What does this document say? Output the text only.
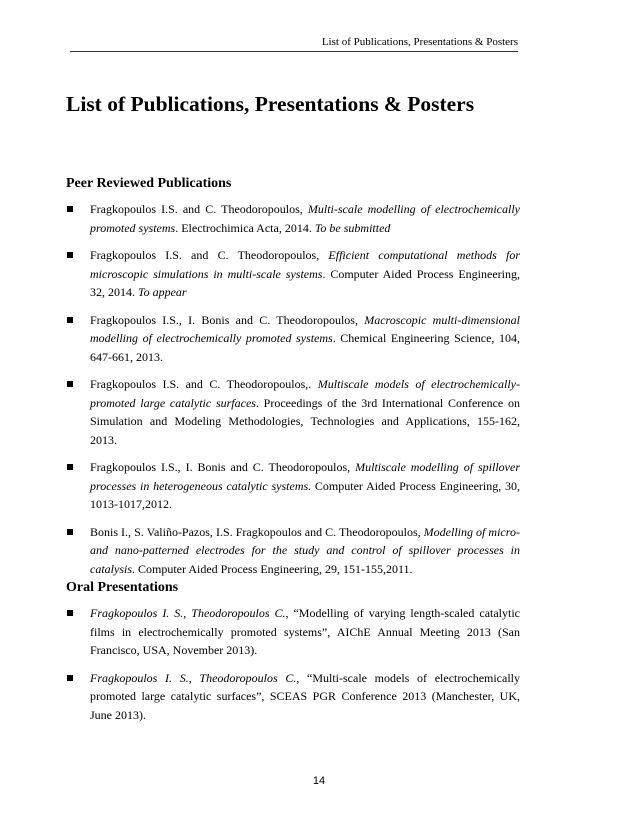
List of Publications, Presentations & Posters
List of Publications, Presentations & Posters
Peer Reviewed Publications
Fragkopoulos I.S. and C. Theodoropoulos, Multi-scale modelling of electrochemically promoted systems. Electrochimica Acta, 2014. To be submitted
Fragkopoulos I.S. and C. Theodoropoulos, Efficient computational methods for microscopic simulations in multi-scale systems. Computer Aided Process Engineering, 32, 2014. To appear
Fragkopoulos I.S., I. Bonis and C. Theodoropoulos, Macroscopic multi-dimensional modelling of electrochemically promoted systems. Chemical Engineering Science, 104, 647-661, 2013.
Fragkopoulos I.S. and C. Theodoropoulos,. Multiscale models of electrochemically-promoted large catalytic surfaces. Proceedings of the 3rd International Conference on Simulation and Modeling Methodologies, Technologies and Applications, 155-162, 2013.
Fragkopoulos I.S., I. Bonis and C. Theodoropoulos, Multiscale modelling of spillover processes in heterogeneous catalytic systems. Computer Aided Process Engineering, 30, 1013-1017,2012.
Bonis I., S. Valiño-Pazos, I.S. Fragkopoulos and C. Theodoropoulos, Modelling of micro- and nano-patterned electrodes for the study and control of spillover processes in catalysis. Computer Aided Process Engineering, 29, 151-155,2011.
Oral Presentations
Fragkopoulos I. S., Theodoropoulos C., “Modelling of varying length-scaled catalytic films in electrochemically promoted systems”, AIChE Annual Meeting 2013 (San Francisco, USA, November 2013).
Fragkopoulos I. S., Theodoropoulos C., “Multi-scale models of electrochemically promoted large catalytic surfaces”, SCEAS PGR Conference 2013 (Manchester, UK, June 2013).
14
